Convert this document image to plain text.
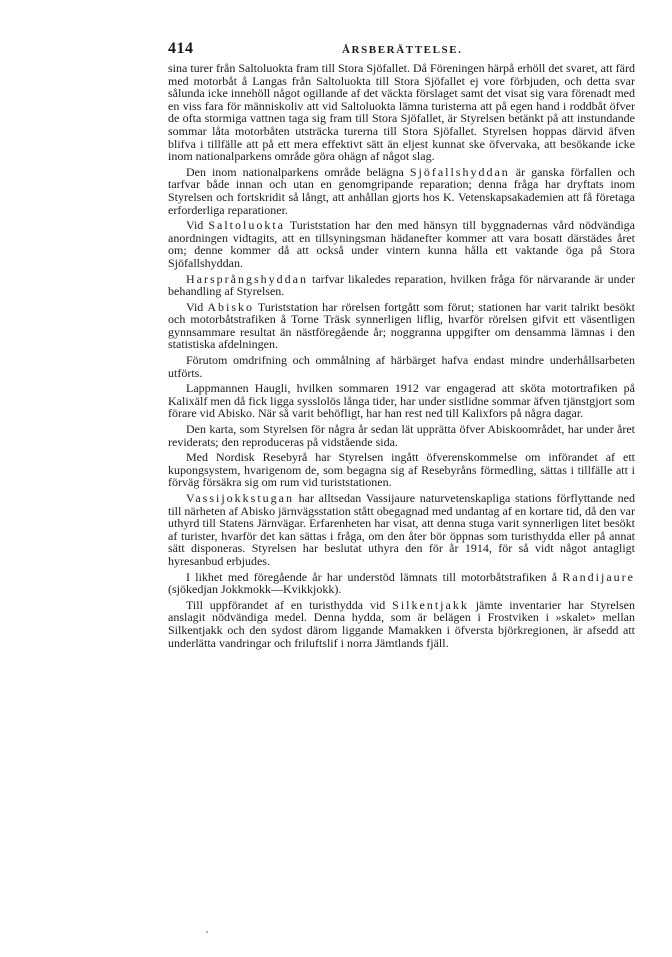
414	ÅRSBERÄTTELSE.

sina turer från Saltoluokta fram till Stora Sjöfallet. Då Föreningen härpå erhöll det svaret, att färd med motorbåt å Langas från Saltoluokta till Stora Sjöfallet ej vore förbjuden, och detta svar sålunda icke innehöll något ogillande af det väckta förslaget samt det visat sig vara förenadt med en viss fara för människoliv att vid Saltoluokta lämna turisterna att på egen hand i roddbåt öfver de ofta stormiga vattnen taga sig fram till Stora Sjöfallet, är Styrelsen betänkt på att instundande sommar låta motorbåten utsträcka turerna till Stora Sjöfallet. Styrelsen hoppas därvid äfven blifva i tillfälle att på ett mera effektivt sätt än eljest kunnat ske öfvervaka, att besökande icke inom nationalparkens område göra ohägn af något slag.

Den inom nationalparkens område belägna Sjöfallshyddan är ganska förfallen och tarfvar både innan och utan en genomgripande reparation; denna fråga har dryftats inom Styrelsen och fortskridit så långt, att anhållan gjorts hos K. Vetenskapsakademien att få företaga erforderliga reparationer.

Vid Saltoluokta Turiststation har den med hänsyn till byggnadernas vård nödvändiga anordningen vidtagits, att en tillsyningsman hädanefter kommer att vara bosatt därstädes året om; denne kommer då att också under vintern kunna hålla ett vaktande öga på Stora Sjöfallshyddan.

Harsprångshyddan tarfvar likaledes reparation, hvilken fråga för närvarande är under behandling af Styrelsen.

Vid Abisko Turiststation har rörelsen fortgått som förut; stationen har varit talrikt besökt och motorbåtstrafiken å Torne Träsk synnerligen liflig, hvarför rörelsen gifvit ett väsentligen gynnsammare resultat än nästföregående år; noggranna uppgifter om densamma lämnas i den statistiska afdelningen.

Förutom omdrifning och ommålning af härbärget hafva endast mindre underhållsarbeten utförts.

Lappmannen Haugli, hvilken sommaren 1912 var engagerad att sköta motortrafiken på Kalixälf men då fick ligga sysslolös långa tider, har under sistlidne sommar äfven tjänstgjort som förare vid Abisko. När så varit behöfligt, har han rest ned till Kalixfors på några dagar.

Den karta, som Styrelsen för några år sedan lät upprätta öfver Abiskoområdet, har under året reviderats; den reproduceras på vidstående sida.

Med Nordisk Resebyrå har Styrelsen ingått öfverenskommelse om införandet af ett kupongsystem, hvarigenom de, som begagna sig af Resebyråns förmedling, sättas i tillfälle att i förväg försäkra sig om rum vid turiststationen.

Vassijokkstugan har alltsedan Vassijaure naturvetenskapliga stations förflyttande ned till närheten af Abisko järnvägsstation stått obegagnad med undantag af en kortare tid, då den var uthyrd till Statens Järnvägar. Erfarenheten har visat, att denna stuga varit synnerligen litet besökt af turister, hvarför det kan sättas i fråga, om den åter bör öppnas som turisthydda eller på annat sätt disponeras. Styrelsen har beslutat uthyra den för år 1914, för så vidt något antagligt hyresanbud erbjudes.

I likhet med föregående år har understöd lämnats till motorbåtstrafiken å Randijaure (sjökedjan Jokkmokk—Kvikkjokk).

Till uppförandet af en turisthydda vid Silkentjakk jämte inventarier har Styrelsen anslagit nödvändiga medel. Denna hydda, som är belägen i Frostviken i »skalet» mellan Silkentjakk och den sydost därom liggande Mamakken i öfversta björkregionen, är afsedd att underlätta vandringar och friluftslif i norra Jämtlands fjäll.
